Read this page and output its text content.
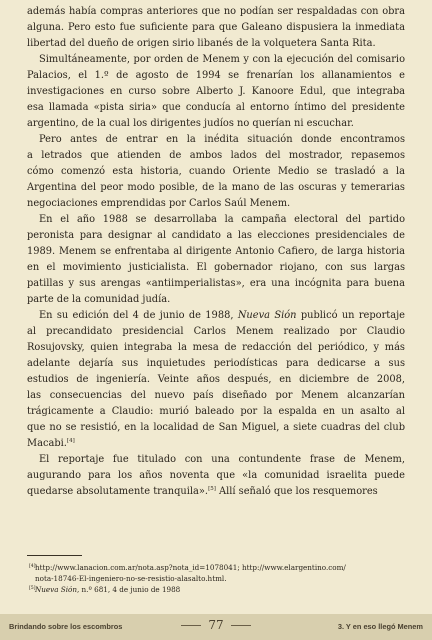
además había compras anteriores que no podían ser respaldadas con obra
alguna. Pero esto fue suficiente para que Galeano dispusiera la inmediata
libertad del dueño de origen sirio libanés de la volquetera Santa Rita.

Simultáneamente, por orden de Menem y con la ejecución del comisario
Palacios, el 1.º de agosto de 1994 se frenarían los allanamientos e
investigaciones en curso sobre Alberto J. Kanoore Edul, que integraba
esa llamada «pista siria» que conducía al entorno íntimo del presidente
argentino, de la cual los dirigentes judíos no querían ni escuchar.

Pero antes de entrar en la inédita situación donde encontramos
a letrados que atienden de ambos lados del mostrador, repasemos
cómo comenzó esta historia, cuando Oriente Medio se trasladó a la
Argentina del peor modo posible, de la mano de las oscuras y temerarias
negociaciones emprendidas por Carlos Saúl Menem.

En el año 1988 se desarrollaba la campaña electoral del partido
peronista para designar al candidato a las elecciones presidenciales de
1989. Menem se enfrentaba al dirigente Antonio Cafiero, de larga historia
en el movimiento justicialista. El gobernador riojano, con sus largas
patillas y sus arengas «antiimperialistas», era una incógnita para buena
parte de la comunidad judía.

En su edición del 4 de junio de 1988, Nueva Sión publicó un reportaje
al precandidato presidencial Carlos Menem realizado por Claudio
Rosujovsky, quien integraba la mesa de redacción del periódico, y más
adelante dejaría sus inquietudes periodísticas para dedicarse a sus
estudios de ingeniería. Veinte años después, en diciembre de 2008,
las consecuencias del nuevo país diseñado por Menem alcanzarían
trágicamente a Claudio: murió baleado por la espalda en un asalto al
que no se resistió, en la localidad de San Miguel, a siete cuadras del club
Macabi.[4]

El reportaje fue titulado con una contundente frase de Menem,
augurando para los años noventa que «la comunidad israelita puede
quedarse absolutamente tranquila».[5] Allí señaló que los resquemores

[4] http://www.lanacion.com.ar/nota.asp?nota_id=1078041; http://www.elargentino.com/
nota-18746-El-ingeniero-no-se-resistio-alasalto.html.
[5] Nueva Sión, n.º 681, 4 de junio de 1988
Brindando sobre los escombros	77	3. Y en eso llegó Menem
